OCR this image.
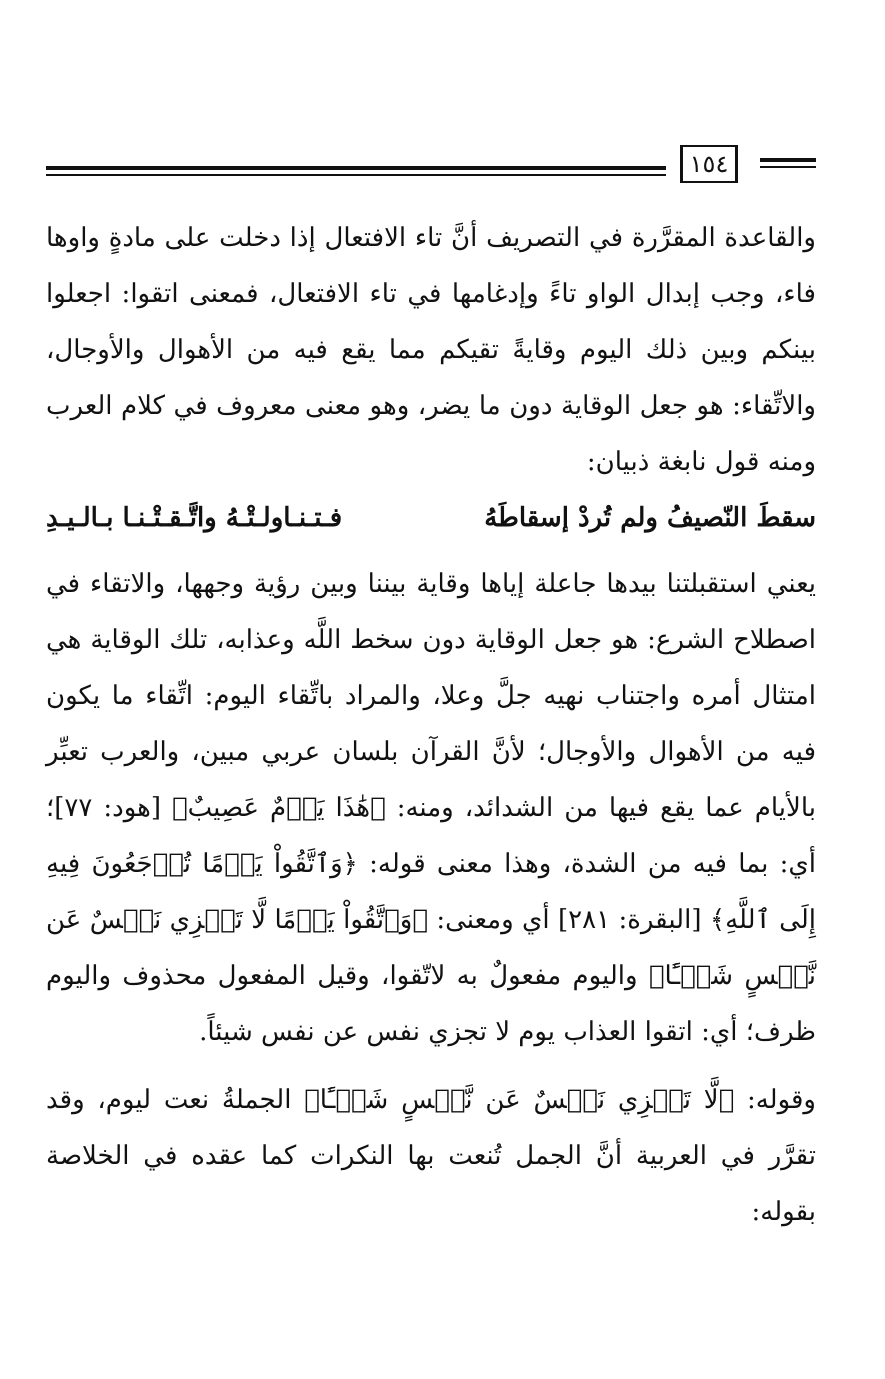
١٥٤

والقاعدة المقرَّرة في التصريف أنَّ تاء الافتعال إذا دخلت على مادةٍ واوها فاء، وجب إبدال الواو تاءً وإدغامها في تاء الافتعال، فمعنى اتقوا: اجعلوا بينكم وبين ذلك اليوم وقايةً تقيكم مما يقع فيه من الأهوال والأوجال، والاتِّقاء: هو جعل الوقاية دون ما يضر، وهو معنى معروف في كلام العرب ومنه قول نابغة ذبيان:

سقطَ النّصيفُ ولم تُردْ إسقاطَهُ
فـتـنـاولـتْـهُ واتَّـقـتْـنـا بـالـيـدِ

يعني استقبلتنا بيدها جاعلة إياها وقاية بيننا وبين رؤية وجهها، والاتقاء في اصطلاح الشرع: هو جعل الوقاية دون سخط اللَّه وعذابه، تلك الوقاية هي امتثال أمره واجتناب نهيه جلَّ وعلا، والمراد باتِّقاء اليوم: اتِّقاء ما يكون فيه من الأهوال والأوجال؛ لأنَّ القرآن بلسان عربي مبين، والعرب تعبِّر بالأيام عما يقع فيها من الشدائد، ومنه: ﴿هَٰذَا يَوۡمٌ عَصِيبٌ﴾ [هود: ٧٧]؛ أي: بما فيه من الشدة، وهذا معنى قوله: ﴿وَٱتَّقُواْ يَوۡمًا تُرۡجَعُونَ فِيهِ إِلَى ٱللَّهِ﴾ [البقرة: ٢٨١] أي ومعنى: ﴿وَٱتَّقُواْ يَوۡمًا لَّا تَجۡزِي نَفۡسٌ عَن نَّفۡسٍ شَيۡـًٔا﴾ واليوم مفعولٌ به لاتّقوا، وقيل المفعول محذوف واليوم ظرف؛ أي: اتقوا العذاب يوم لا تجزي نفس عن نفس شيئاً.

وقوله: ﴿لَّا تَجۡزِي نَفۡسٌ عَن نَّفۡسٍ شَيۡـًٔا﴾ الجملةُ نعت ليوم، وقد تقرَّر في العربية أنَّ الجمل تُنعت بها النكرات كما عقده في الخلاصة بقوله:
